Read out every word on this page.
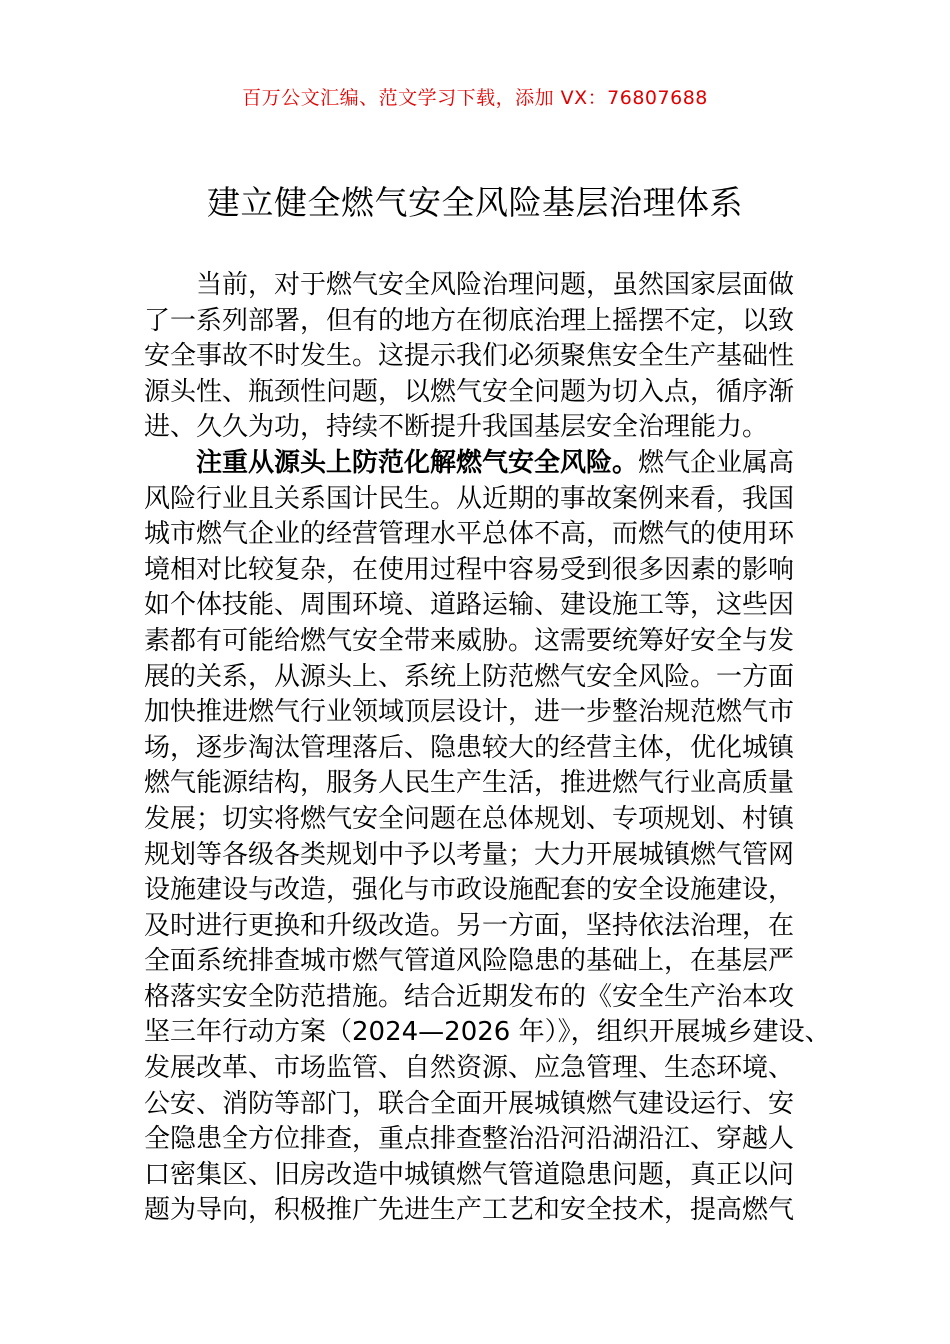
百万公文汇编、范文学习下载，添加 VX：76807688
建立健全燃气安全风险基层治理体系

当前，对于燃气安全风险治理问题，虽然国家层面做
了一系列部署，但有的地方在彻底治理上摇摆不定，以致
安全事故不时发生。这提示我们必须聚焦安全生产基础性
源头性、瓶颈性问题，以燃气安全问题为切入点，循序渐
进、久久为功，持续不断提升我国基层安全治理能力。

注重从源头上防范化解燃气安全风险。燃气企业属高
风险行业且关系国计民生。从近期的事故案例来看，我国
城市燃气企业的经营管理水平总体不高，而燃气的使用环
境相对比较复杂，在使用过程中容易受到很多因素的影响
如个体技能、周围环境、道路运输、建设施工等，这些因
素都有可能给燃气安全带来威胁。这需要统筹好安全与发
展的关系，从源头上、系统上防范燃气安全风险。一方面
加快推进燃气行业领域顶层设计，进一步整治规范燃气市
场，逐步淘汰管理落后、隐患较大的经营主体，优化城镇
燃气能源结构，服务人民生产生活，推进燃气行业高质量
发展；切实将燃气安全问题在总体规划、专项规划、村镇
规划等各级各类规划中予以考量；大力开展城镇燃气管网
设施建设与改造，强化与市政设施配套的安全设施建设，
及时进行更换和升级改造。另一方面，坚持依法治理，在
全面系统排查城市燃气管道风险隐患的基础上，在基层严
格落实安全防范措施。结合近期发布的《安全生产治本攻
坚三年行动方案（2024—2026 年）》，组织开展城乡建设、
发展改革、市场监管、自然资源、应急管理、生态环境、
公安、消防等部门，联合全面开展城镇燃气建设运行、安
全隐患全方位排查，重点排查整治沿河沿湖沿江、穿越人
口密集区、旧房改造中城镇燃气管道隐患问题，真正以问
题为导向，积极推广先进生产工艺和安全技术，提高燃气
